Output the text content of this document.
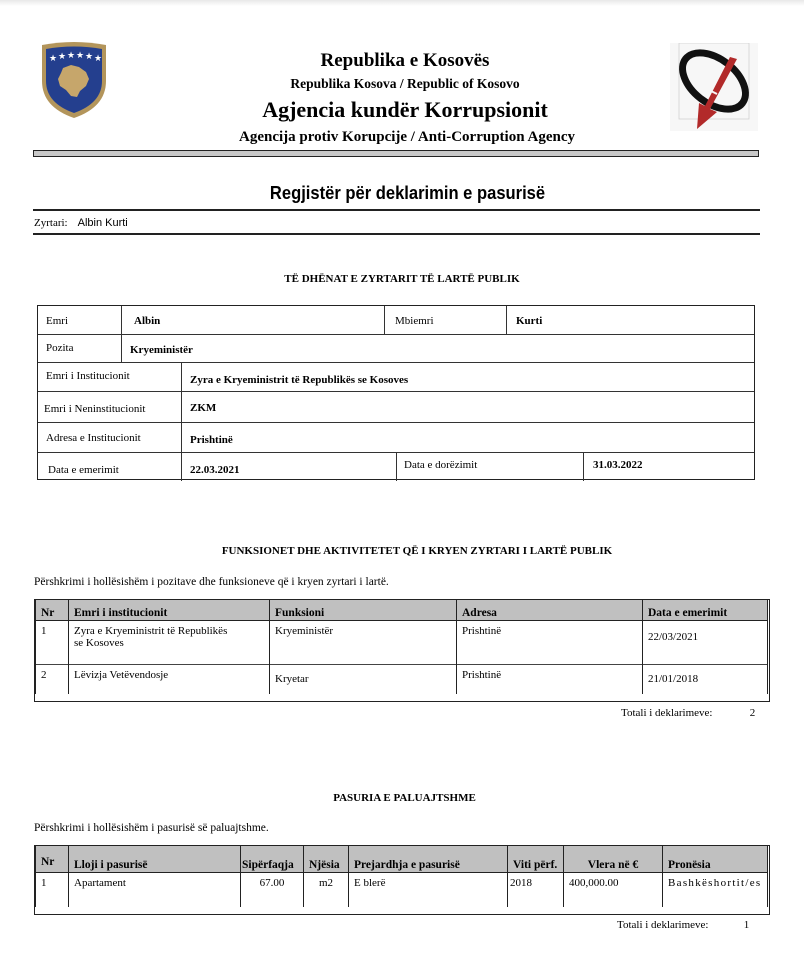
★ ★ ★ ★ ★ ★	Republika e Kosovës
Republika Kosova / Republic of Kosovo
Agjencia kundër Korrupsionit
Agencija protiv Korupcije / Anti-Corruption Agency
Regjistër për deklarimin e pasurisë
Zyrtari: Albin Kurti
TË DHËNAT E ZYRTARIT TË LARTË PUBLIK
Emri	Albin	Mbiemri	Kurti
Pozita	Kryeministër
Emri i Institucionit	Zyra e Kryeministrit të Republikës se Kosoves
Emri i Neninstitucionit	ZKM
Adresa e Institucionit	Prishtinë
Data e emerimit	22.03.2021	Data e dorëzimit	31.03.2022
FUNKSIONET DHE AKTIVITETET QË I KRYEN ZYRTARI I LARTË PUBLIK
Përshkrimi i hollësishëm i pozitave dhe funksioneve që i kryen zyrtari i lartë.
Nr	Emri i institucionit	Funksioni	Adresa	Data e emerimit
1	Zyra e Kryeministrit të Republikës se Kosoves	Kryeministër	Prishtinë	22/03/2021
2	Lëvizja Vetëvendosje	Kryetar	Prishtinë	21/01/2018
Totali i deklarimeve:	2
PASURIA E PALUAJTSHME
Përshkrimi i hollësishëm i pasurisë së paluajtshme.
Nr	Lloji i pasurisë	Sipërfaqja	Njësia	Prejardhja e pasurisë	Viti përf.	Vlera në €	Pronësia
1	Apartament	67.00	m2	E blerë	2018	400,000.00	Bashkëshortit/es
Totali i deklarimeve:	1
